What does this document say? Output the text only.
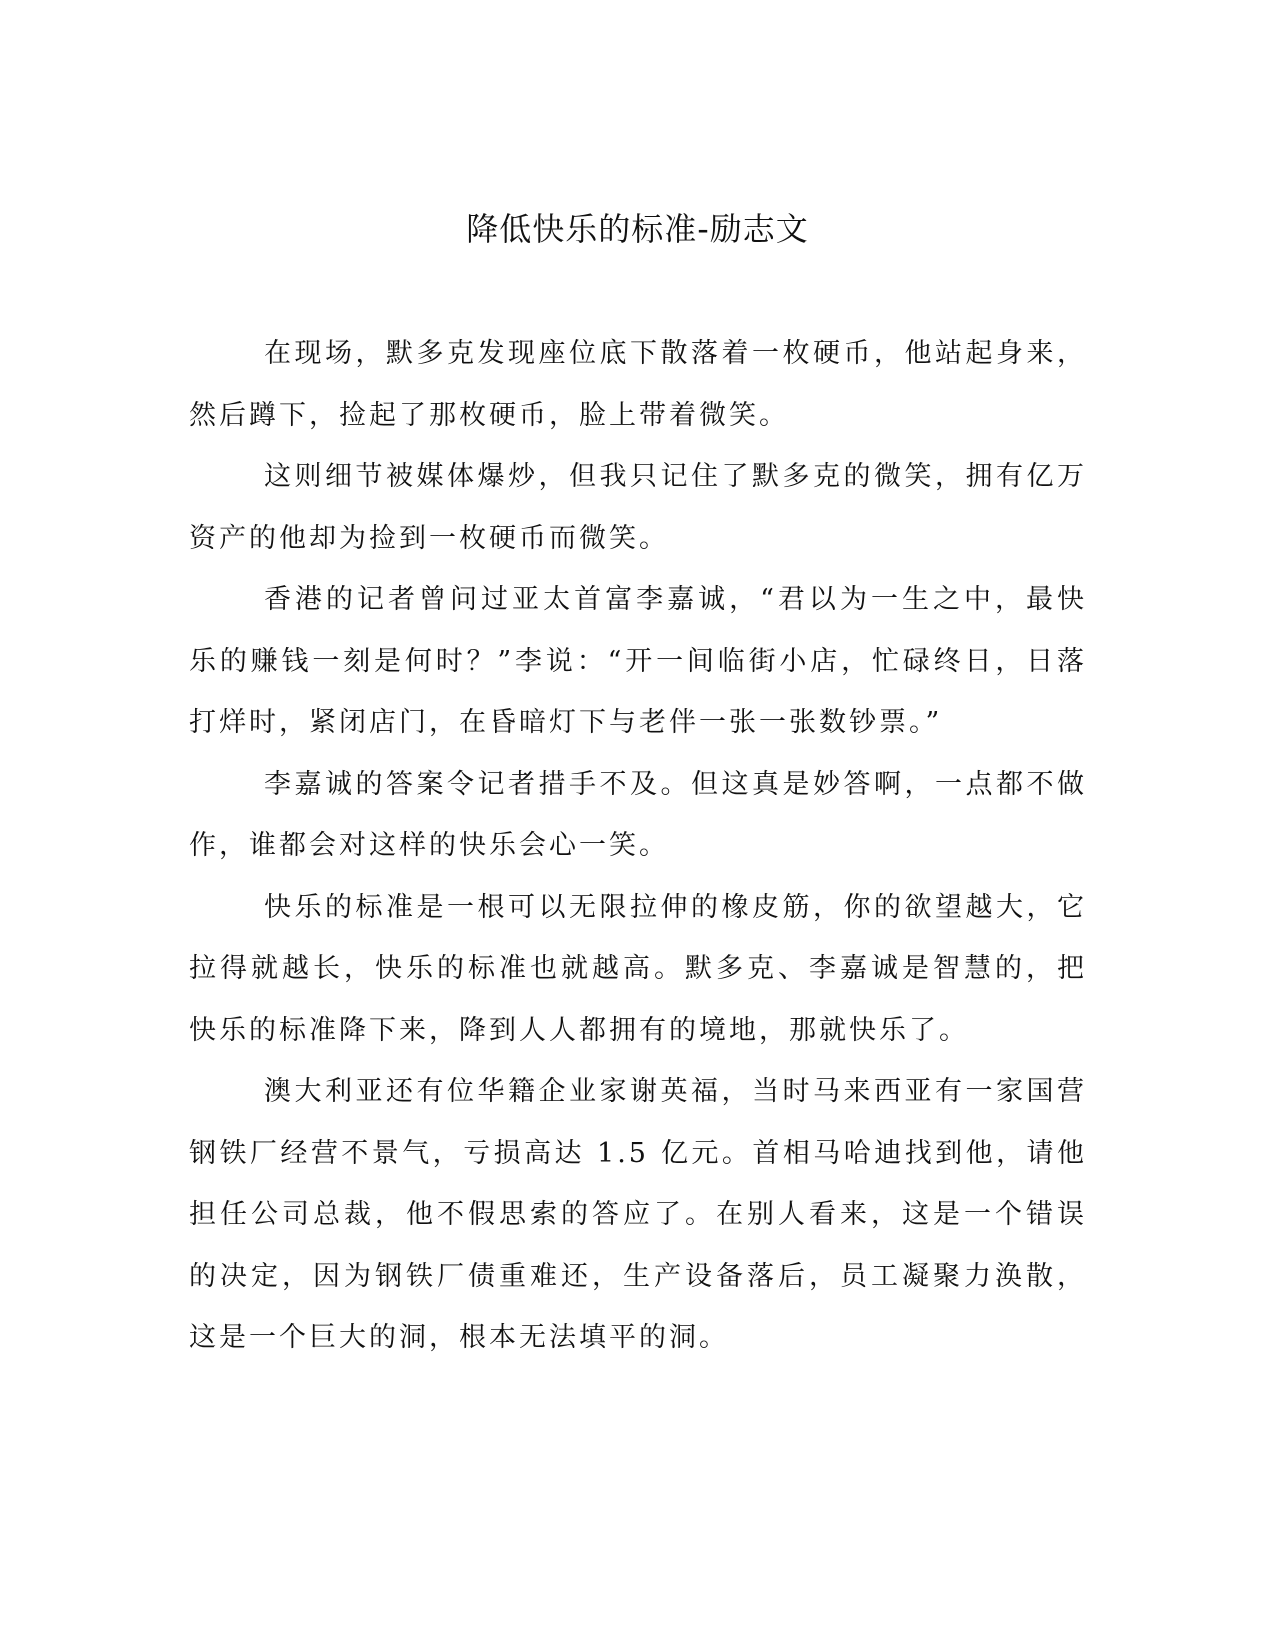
降低快乐的标准-励志文

在现场，默多克发现座位底下散落着一枚硬币，他站起身来，然后蹲下，捡起了那枚硬币，脸上带着微笑。

这则细节被媒体爆炒，但我只记住了默多克的微笑，拥有亿万资产的他却为捡到一枚硬币而微笑。

香港的记者曾问过亚太首富李嘉诚，“君以为一生之中，最快乐的赚钱一刻是何时？”李说：“开一间临街小店，忙碌终日，日落打烊时，紧闭店门，在昏暗灯下与老伴一张一张数钞票。”

李嘉诚的答案令记者措手不及。但这真是妙答啊，一点都不做作，谁都会对这样的快乐会心一笑。

快乐的标准是一根可以无限拉伸的橡皮筋，你的欲望越大，它拉得就越长，快乐的标准也就越高。默多克、李嘉诚是智慧的，把快乐的标准降下来，降到人人都拥有的境地，那就快乐了。

澳大利亚还有位华籍企业家谢英福，当时马来西亚有一家国营钢铁厂经营不景气，亏损高达 1.5 亿元。首相马哈迪找到他，请他担任公司总裁，他不假思索的答应了。在别人看来，这是一个错误的决定，因为钢铁厂债重难还，生产设备落后，员工凝聚力涣散，这是一个巨大的洞，根本无法填平的洞。
